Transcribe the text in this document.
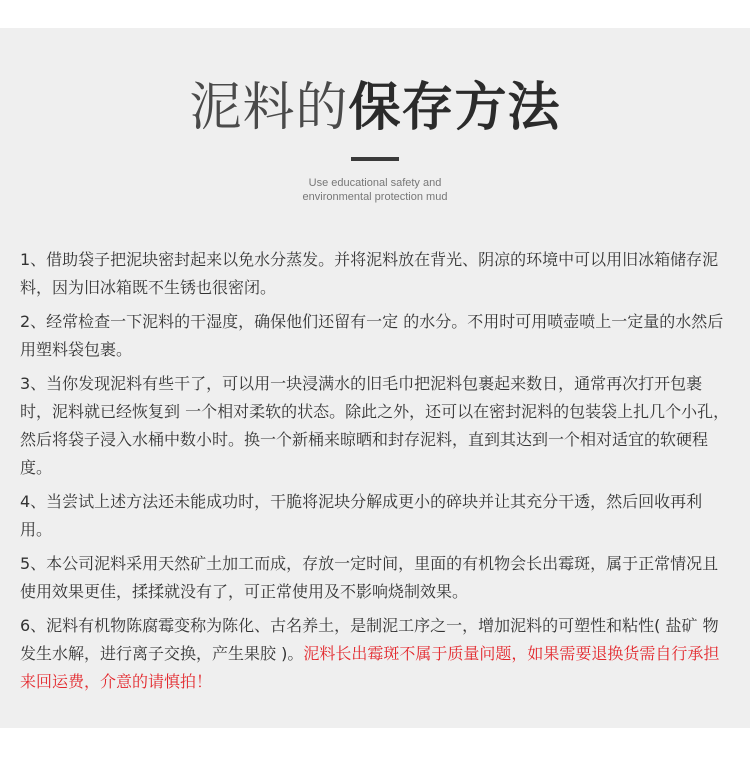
泥料的保存方法
Use educational safety and
environmental protection mud

1、借助袋子把泥块密封起来以免水分蒸发。并将泥料放在背光、阴凉的环境中可以用旧冰箱储存泥料，因为旧冰箱既不生锈也很密闭。

2、经常检查一下泥料的干湿度，确保他们还留有一定 的水分。不用时可用喷壶喷上一定量的水然后用塑料袋包裹。

3、当你发现泥料有些干了，可以用一块浸满水的旧毛巾把泥料包裹起来数日，通常再次打开包裹时，泥料就已经恢复到 一个相对柔软的状态。除此之外，还可以在密封泥料的包装袋上扎几个小孔，然后将袋子浸入水桶中数小时。换一个新桶来晾晒和封存泥料，直到其达到一个相对适宜的软硬程度。

4、当尝试上述方法还未能成功时，干脆将泥块分解成更小的碎块并让其充分干透，然后回收再利用。

5、本公司泥料采用天然矿土加工而成，存放一定时间，里面的有机物会长出霉斑，属于正常情况且使用效果更佳，揉揉就没有了，可正常使用及不影响烧制效果。

6、泥料有机物陈腐霉变称为陈化、古名养土，是制泥工序之一，增加泥料的可塑性和粘性( 盐矿 物发生水解，进行离子交换，产生果胶 )。泥料长出霉斑不属于质量问题，如果需要退换货需自行承担来回运费，介意的请慎拍！
